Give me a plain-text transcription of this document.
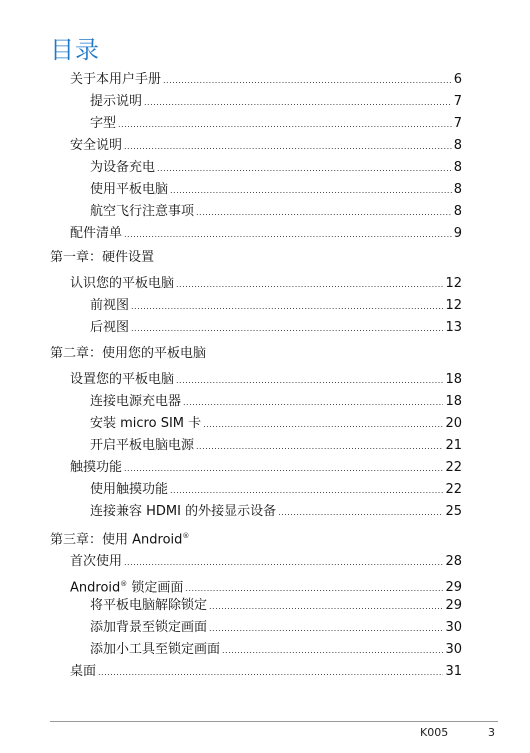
目录
关于本用户手册 .....	6
提示说明 .....	7
字型 .....	7
安全说明 .....	8
为设备充电 .....	8
使用平板电脑 .....	8
航空飞行注意事项 .....	8
配件清单 .....	9
第一章：硬件设置
认识您的平板电脑 .....	12
前视图 .....	12
后视图 .....	13
第二章：使用您的平板电脑
设置您的平板电脑 .....	18
连接电源充电器 .....	18
安装 micro SIM 卡 .....	20
开启平板电脑电源 .....	21
触摸功能 .....	22
使用触摸功能 .....	22
连接兼容 HDMI 的外接显示设备 .....	25
第三章：使用 Android®
首次使用 .....	28
Android® 锁定画面 .....	29
将平板电脑解除锁定 .....	29
添加背景至锁定画面 .....	30
添加小工具至锁定画面 .....	30
桌面 .....	31
K005	3
